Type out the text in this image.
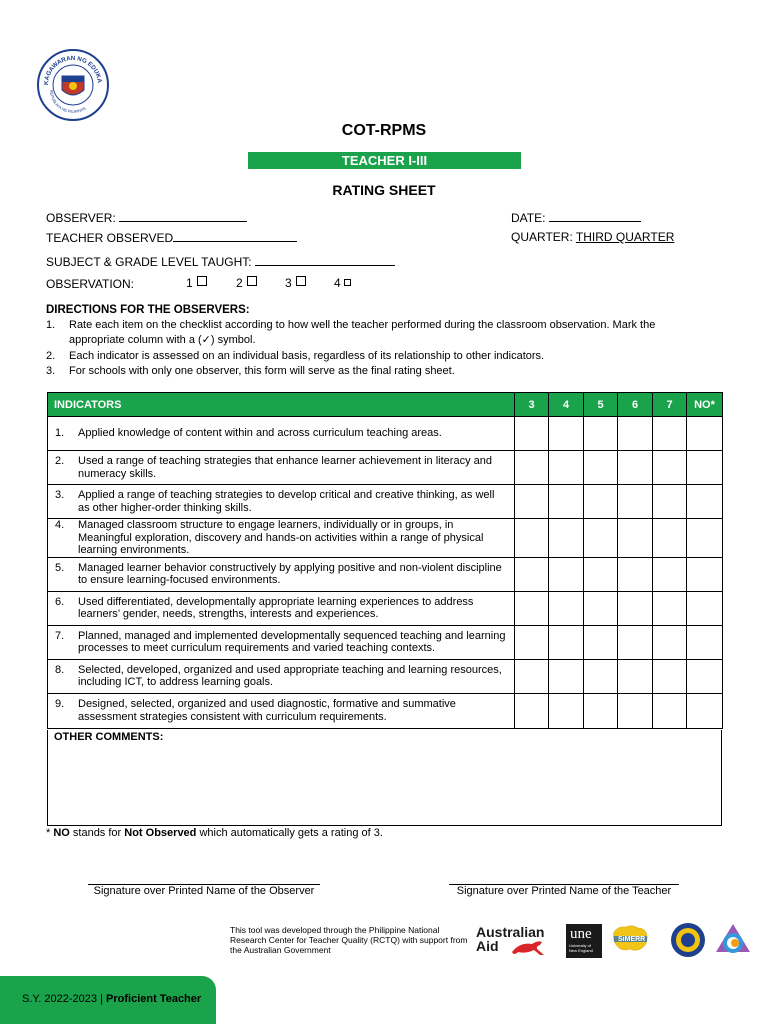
KAGAWARAN NG EDUKA
REPUBLIKA NG PILIPINAS
COT-RPMS
TEACHER I-III
RATING SHEET
OBSERVER:	DATE:
TEACHER OBSERVED	QUARTER: THIRD QUARTER
SUBJECT & GRADE LEVEL TAUGHT:
OBSERVATION:	1	2	3	4
DIRECTIONS FOR THE OBSERVERS:
1. Rate each item on the checklist according to how well the teacher performed during the classroom observation. Mark the appropriate column with a (✓) symbol.
2. Each indicator is assessed on an individual basis, regardless of its relationship to other indicators.
3. For schools with only one observer, this form will serve as the final rating sheet.
INDICATORS	3	4	5	6	7	NO*

1. Applied knowledge of content within and across curriculum teaching areas.						

2. Used a range of teaching strategies that enhance learner achievement in literacy and numeracy skills.						

3. Applied a range of teaching strategies to develop critical and creative thinking, as well as other higher-order thinking skills.						

4. Managed classroom structure to engage learners, individually or in groups, in Meaningful exploration, discovery and hands-on activities within a range of physical learning environments.						

5. Managed learner behavior constructively by applying positive and non-violent discipline to ensure learning-focused environments.						

6. Used differentiated, developmentally appropriate learning experiences to address learners’ gender, needs, strengths, interests and experiences.						

7. Planned, managed and implemented developmentally sequenced teaching and learning processes to meet curriculum requirements and varied teaching contexts.						

8. Selected, developed, organized and used appropriate teaching and learning resources, including ICT, to address learning goals.						

9. Designed, selected, organized and used diagnostic, formative and summative assessment strategies consistent with curriculum requirements.						

OTHER COMMENTS:
* NO stands for Not Observed which automatically gets a rating of 3.
Signature over Printed Name of the Observer	Signature over Printed Name of the Teacher
This tool was developed through the Philippine National Research Center for Teacher Quality (RCTQ) with support from the Australian Government
Australian
Aid
une
University of New England
SiMERR
S.Y. 2022-2023 | Proficient Teacher
